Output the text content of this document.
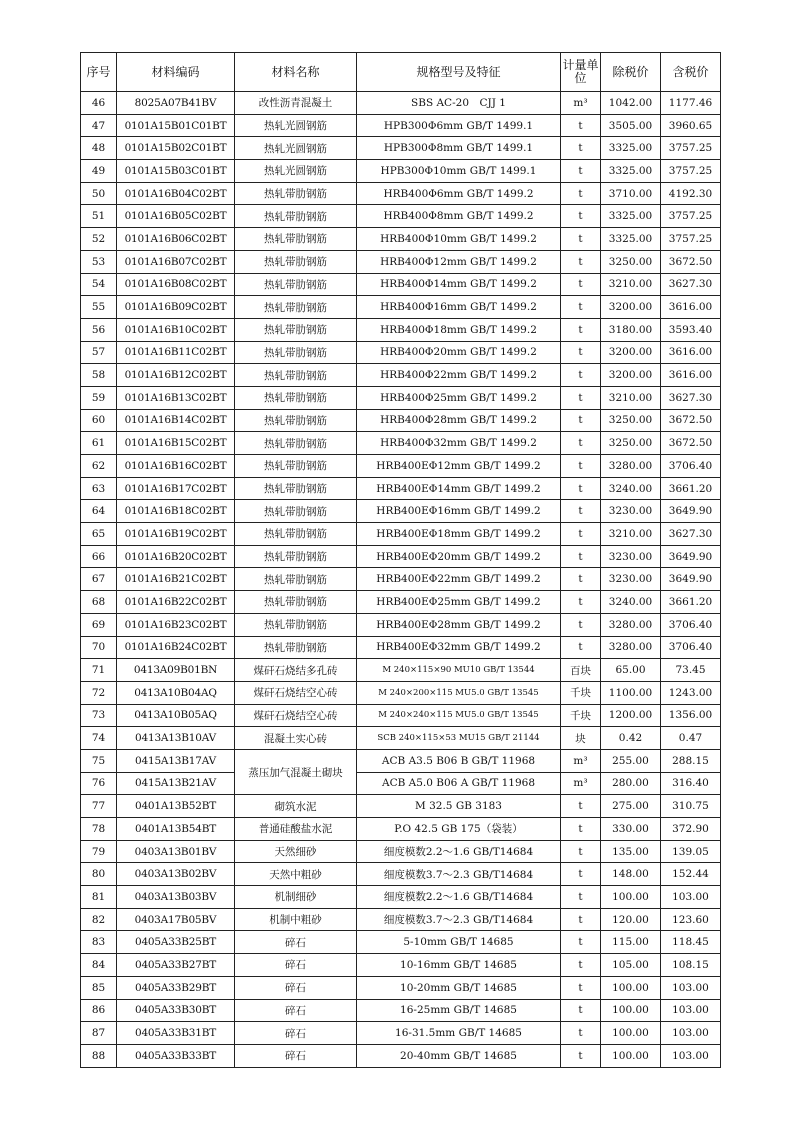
序号	材料编码	材料名称	规格型号及特征	计量单位	除税价	含税价
46	8025A07B41BV	改性沥青混凝土	SBS AC-20　CJJ 1	m³	1042.00	1177.46
47	0101A15B01C01BT	热轧光圆钢筋	HPB300Φ6mm GB/T 1499.1	t	3505.00	3960.65
48	0101A15B02C01BT	热轧光圆钢筋	HPB300Φ8mm GB/T 1499.1	t	3325.00	3757.25
49	0101A15B03C01BT	热轧光圆钢筋	HPB300Φ10mm GB/T 1499.1	t	3325.00	3757.25
50	0101A16B04C02BT	热轧带肋钢筋	HRB400Φ6mm GB/T 1499.2	t	3710.00	4192.30
51	0101A16B05C02BT	热轧带肋钢筋	HRB400Φ8mm GB/T 1499.2	t	3325.00	3757.25
52	0101A16B06C02BT	热轧带肋钢筋	HRB400Φ10mm GB/T 1499.2	t	3325.00	3757.25
53	0101A16B07C02BT	热轧带肋钢筋	HRB400Φ12mm GB/T 1499.2	t	3250.00	3672.50
54	0101A16B08C02BT	热轧带肋钢筋	HRB400Φ14mm GB/T 1499.2	t	3210.00	3627.30
55	0101A16B09C02BT	热轧带肋钢筋	HRB400Φ16mm GB/T 1499.2	t	3200.00	3616.00
56	0101A16B10C02BT	热轧带肋钢筋	HRB400Φ18mm GB/T 1499.2	t	3180.00	3593.40
57	0101A16B11C02BT	热轧带肋钢筋	HRB400Φ20mm GB/T 1499.2	t	3200.00	3616.00
58	0101A16B12C02BT	热轧带肋钢筋	HRB400Φ22mm GB/T 1499.2	t	3200.00	3616.00
59	0101A16B13C02BT	热轧带肋钢筋	HRB400Φ25mm GB/T 1499.2	t	3210.00	3627.30
60	0101A16B14C02BT	热轧带肋钢筋	HRB400Φ28mm GB/T 1499.2	t	3250.00	3672.50
61	0101A16B15C02BT	热轧带肋钢筋	HRB400Φ32mm GB/T 1499.2	t	3250.00	3672.50
62	0101A16B16C02BT	热轧带肋钢筋	HRB400EΦ12mm GB/T 1499.2	t	3280.00	3706.40
63	0101A16B17C02BT	热轧带肋钢筋	HRB400EΦ14mm GB/T 1499.2	t	3240.00	3661.20
64	0101A16B18C02BT	热轧带肋钢筋	HRB400EΦ16mm GB/T 1499.2	t	3230.00	3649.90
65	0101A16B19C02BT	热轧带肋钢筋	HRB400EΦ18mm GB/T 1499.2	t	3210.00	3627.30
66	0101A16B20C02BT	热轧带肋钢筋	HRB400EΦ20mm GB/T 1499.2	t	3230.00	3649.90
67	0101A16B21C02BT	热轧带肋钢筋	HRB400EΦ22mm GB/T 1499.2	t	3230.00	3649.90
68	0101A16B22C02BT	热轧带肋钢筋	HRB400EΦ25mm GB/T 1499.2	t	3240.00	3661.20
69	0101A16B23C02BT	热轧带肋钢筋	HRB400EΦ28mm GB/T 1499.2	t	3280.00	3706.40
70	0101A16B24C02BT	热轧带肋钢筋	HRB400EΦ32mm GB/T 1499.2	t	3280.00	3706.40
71	0413A09B01BN	煤矸石烧结多孔砖	M 240×115×90 MU10 GB/T 13544	百块	65.00	73.45
72	0413A10B04AQ	煤矸石烧结空心砖	M 240×200×115 MU5.0 GB/T 13545	千块	1100.00	1243.00
73	0413A10B05AQ	煤矸石烧结空心砖	M 240×240×115 MU5.0 GB/T 13545	千块	1200.00	1356.00
74	0413A13B10AV	混凝土实心砖	SCB 240×115×53 MU15 GB/T 21144	块	0.42	0.47
75	0415A13B17AV	蒸压加气混凝土砌块	ACB A3.5 B06 B GB/T 11968	m³	255.00	288.15
76	0415A13B21AV		ACB A5.0 B06 A GB/T 11968	m³	280.00	316.40
77	0401A13B52BT	砌筑水泥	M 32.5 GB 3183	t	275.00	310.75
78	0401A13B54BT	普通硅酸盐水泥	P.O 42.5 GB 175（袋装）	t	330.00	372.90
79	0403A13B01BV	天然细砂	细度模数2.2～1.6 GB/T14684	t	135.00	139.05
80	0403A13B02BV	天然中粗砂	细度模数3.7～2.3 GB/T14684	t	148.00	152.44
81	0403A13B03BV	机制细砂	细度模数2.2～1.6 GB/T14684	t	100.00	103.00
82	0403A17B05BV	机制中粗砂	细度模数3.7～2.3 GB/T14684	t	120.00	123.60
83	0405A33B25BT	碎石	5-10mm GB/T 14685	t	115.00	118.45
84	0405A33B27BT	碎石	10-16mm GB/T 14685	t	105.00	108.15
85	0405A33B29BT	碎石	10-20mm GB/T 14685	t	100.00	103.00
86	0405A33B30BT	碎石	16-25mm GB/T 14685	t	100.00	103.00
87	0405A33B31BT	碎石	16-31.5mm GB/T 14685	t	100.00	103.00
88	0405A33B33BT	碎石	20-40mm GB/T 14685	t	100.00	103.00
